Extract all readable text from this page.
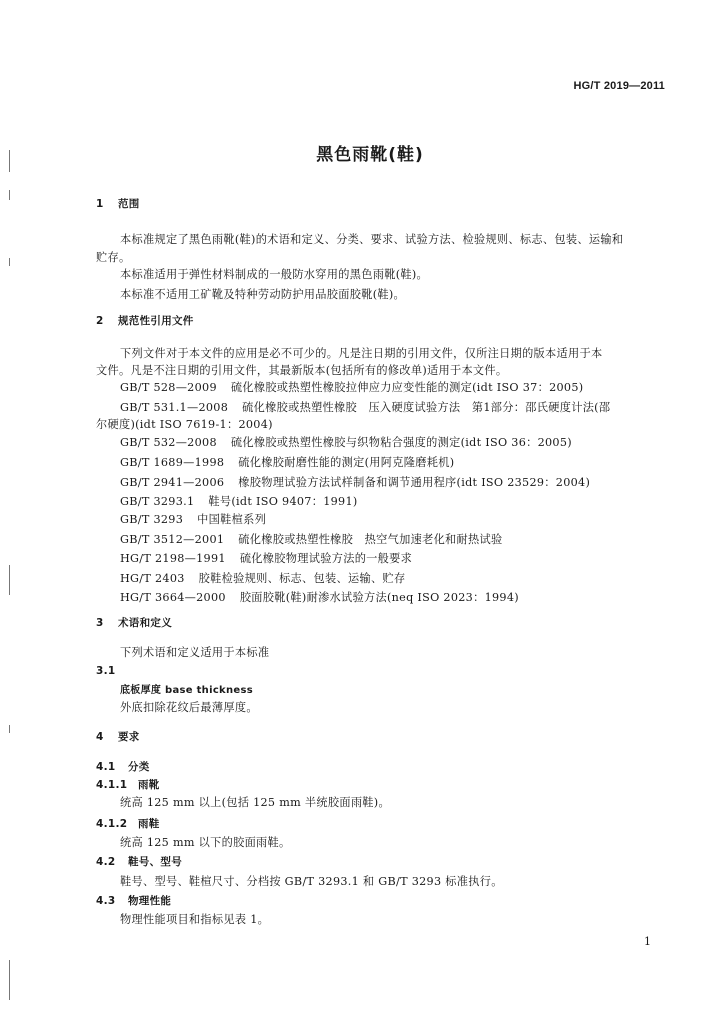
HG/T 2019—2011
黑色雨靴(鞋)
1 范围
本标准规定了黑色雨靴(鞋)的术语和定义、分类、要求、试验方法、检验规则、标志、包装、运输和
贮存。
本标准适用于弹性材料制成的一般防水穿用的黑色雨靴(鞋)。
本标准不适用工矿靴及特种劳动防护用品胶面胶靴(鞋)。
2 规范性引用文件
下列文件对于本文件的应用是必不可少的。凡是注日期的引用文件，仅所注日期的版本适用于本
文件。凡是不注日期的引用文件，其最新版本(包括所有的修改单)适用于本文件。
GB/T 528—2009 硫化橡胶或热塑性橡胶拉伸应力应变性能的测定(idt ISO 37：2005)
GB/T 531.1—2008 硫化橡胶或热塑性橡胶　压入硬度试验方法　第1部分：邵氏硬度计法(邵
尔硬度)(idt ISO 7619-1：2004)
GB/T 532—2008 硫化橡胶或热塑性橡胶与织物粘合强度的测定(idt ISO 36：2005)
GB/T 1689—1998 硫化橡胶耐磨性能的测定(用阿克隆磨耗机)
GB/T 2941—2006 橡胶物理试验方法试样制备和调节通用程序(idt ISO 23529：2004)
GB/T 3293.1 鞋号(idt ISO 9407：1991)
GB/T 3293 中国鞋楦系列
GB/T 3512—2001 硫化橡胶或热塑性橡胶　热空气加速老化和耐热试验
HG/T 2198—1991 硫化橡胶物理试验方法的一般要求
HG/T 2403 胶鞋检验规则、标志、包装、运输、贮存
HG/T 3664—2000 胶面胶靴(鞋)耐渗水试验方法(neq ISO 2023：1994)
3 术语和定义
下列术语和定义适用于本标准
3.1
底板厚度 base thickness
外底扣除花纹后最薄厚度。
4 要求
4.1 分类
4.1.1 雨靴
统高 125 mm 以上(包括 125 mm 半统胶面雨鞋)。
4.1.2 雨鞋
统高 125 mm 以下的胶面雨鞋。
4.2 鞋号、型号
鞋号、型号、鞋楦尺寸、分档按 GB/T 3293.1 和 GB/T 3293 标准执行。
4.3 物理性能
物理性能项目和指标见表 1。
1
